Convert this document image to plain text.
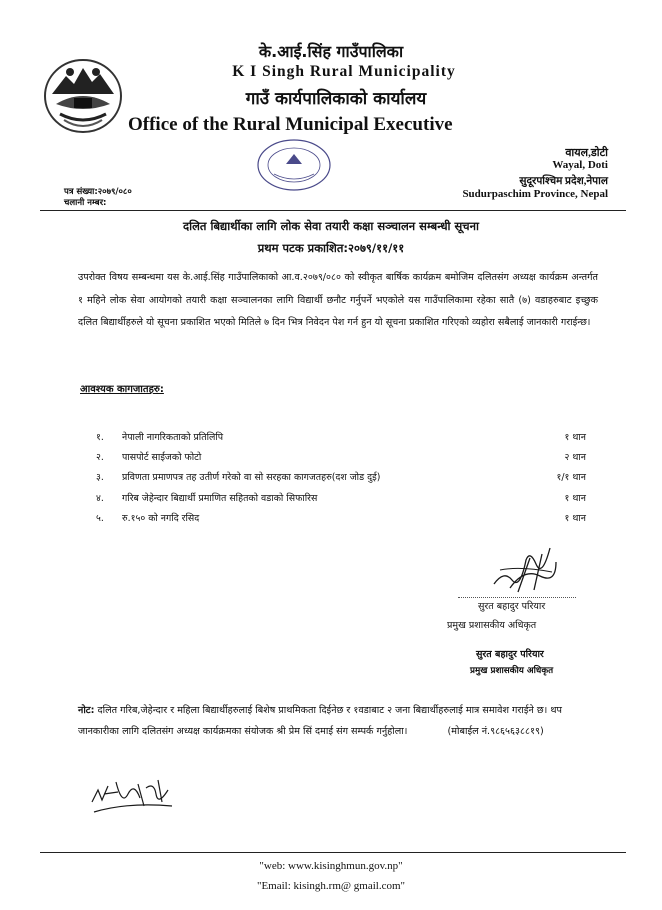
के.आई.सिंह गाउँपालिका
K I Singh Rural Municipality
गाउँ कार्यपालिकाको कार्यालय
Office of the Rural Municipal Executive
वायल,डोटी
Wayal, Doti
सुदूरपश्चिम प्रदेश,नेपाल
Sudurpaschim Province, Nepal
पत्र संख्या:२०७९/०८०
चलानी नम्बर:
दलित बिद्यार्थीका लागि लोक सेवा तयारी कक्षा सञ्चालन सम्बन्धी सूचना
प्रथम पटक प्रकाशित:२०७९/११/११
उपरोक्त विषय सम्बन्धमा यस के.आई.सिंह गाउँपालिकाको आ.व.२०७९/०८० को स्वीकृत बार्षिक कार्यक्रम बमोजिम दलितसंग अध्यक्ष कार्यक्रम अन्तर्गत १ महिने लोक सेवा आयोगको तयारी कक्षा सञ्चालनका लागि विद्यार्थी छनौट गर्नुपर्ने भएकोले यस गाउँपालिकामा रहेका सातै (७) वडाहरुबाट इच्छुक दलित बिद्यार्थीहरुले यो सूचना प्रकाशित भएको मितिले ७ दिन भित्र निवेदन पेश गर्न हुन यो सूचना प्रकाशित गरिएको व्यहोरा सबैलाई जानकारी गराईन्छ।
आवश्यक कागजातहरु:
१.	नेपाली नागरिकताको प्रतिलिपि	१ थान
२.	पासपोर्ट साईजको फोटो	२ थान
३.	प्रविणता प्रमाणपत्र तह उतीर्ण गरेको वा सो सरहका कागजतहरु(दश जोड दुई)	१/१ थान
४.	गरिब जेहेन्दार बिद्यार्थी प्रमाणित सहितको वडाको सिफारिस	१ थान
५.	रु.१५० को नगदि रसिद	१ थान
सुरत बहादुर परियार
प्रमुख प्रशासकीय अधिकृत
सुरत बहादुर परियार
प्रमुख प्रशासकीय अधिकृत
नोट: दलित गरिब,जेहेन्दार र महिला बिद्यार्थीहरुलाई बिशेष प्राथमिकता दिईनेछ र १वडाबाट २ जना बिद्यार्थीहरुलाई मात्र समावेश गराईने छ। थप जानकारीका लागि दलितसंग अध्यक्ष कार्यक्रमका संयोजक श्री प्रेम सिं दमाई संग सम्पर्क गर्नुहोला।	(मोबाईल नं.९८६५६३८८१९)
"web: www.kisinghmun.gov.np"
"Email: kisingh.rm@ gmail.com"
